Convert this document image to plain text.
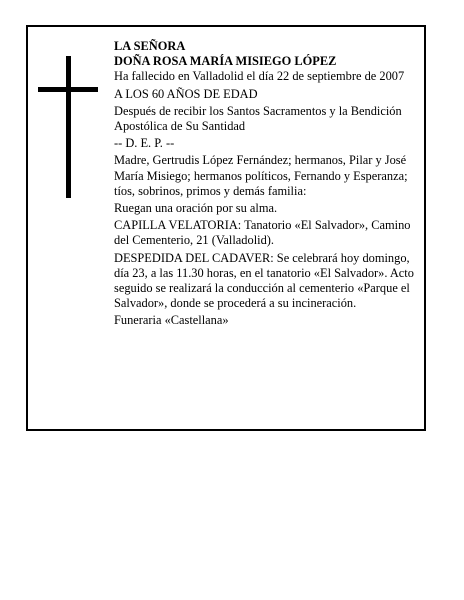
LA SEÑORA

DOÑA ROSA MARÍA MISIEGO LÓPEZ

Ha fallecido en Valladolid el día 22 de septiembre de 2007

A LOS 60 AÑOS DE EDAD

Después de recibir los Santos Sacramentos y la Bendición Apostólica de Su Santidad

-- D. E. P. --

Madre, Gertrudis López Fernández; hermanos, Pilar y José María Misiego; hermanos políticos, Fernando y Esperanza; tíos, sobrinos, primos y demás familia:

Ruegan una oración por su alma.

CAPILLA VELATORIA: Tanatorio «El Salvador», Camino del Cementerio, 21 (Valladolid).

DESPEDIDA DEL CADAVER: Se celebrará hoy domingo, día 23, a las 11.30 horas, en el tanatorio «El Salvador». Acto seguido se realizará la conducción al cementerio «Parque el Salvador», donde se procederá a su incineración.

Funeraria «Castellana»
